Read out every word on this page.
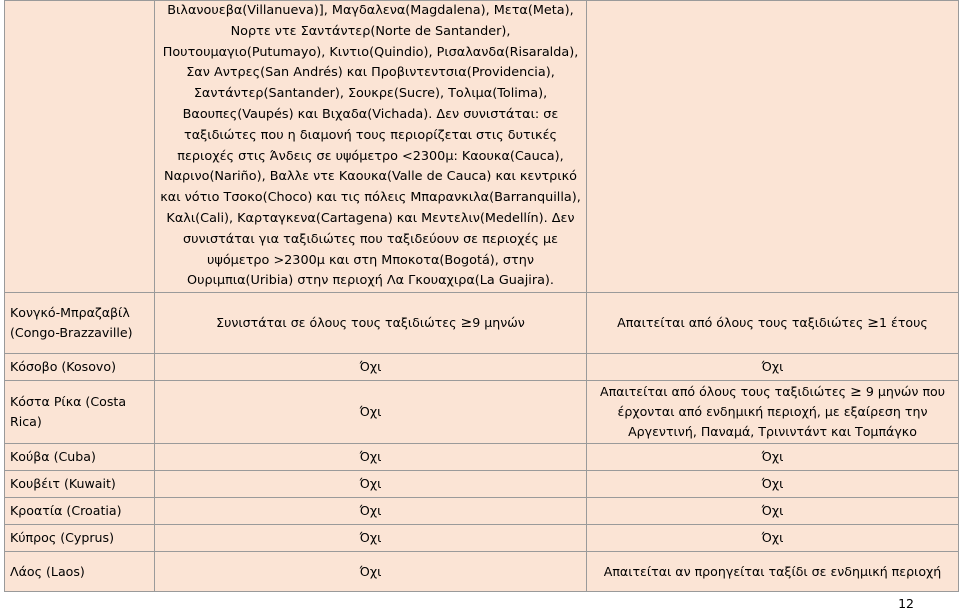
	Βιλανουεβα(Villanueva)], Μαγδαλενα(Magdalena), Μετα(Meta), Νορτε ντε Σαντάντερ(Norte de Santander), Πουτουμαγιο(Putumayo), Κιντιο(Quindio), Ρισαλανδα(Risaralda), Σαν Αντρες(San Andrés) και Προβιντεντσια(Providencia), Σαντάντερ(Santander), Σουκρε(Sucre), Τολιμα(Tolima), Βαουπες(Vaupés) και Βιχαδα(Vichada). Δεν συνιστάται: σε ταξιδιώτες που η διαμονή τους περιορίζεται στις δυτικές περιοχές στις Άνδεις σε υψόμετρο <2300μ: Καουκα(Cauca), Ναρινο(Nariño), Βαλλε ντε Καουκα(Valle de Cauca) και κεντρικό και νότιο Τσοκο(Choco) και τις πόλεις Μπαρανκιλα(Barranquilla), Καλι(Cali), Καρταγκενα(Cartagena) και Μεντελιν(Medellín). Δεν συνιστάται για ταξιδιώτες που ταξιδεύουν σε περιοχές με υψόμετρο >2300μ και στη Μποκοτα(Bogotá), στην Ουριμπια(Uribia) στην περιοχή Λα Γκουαχιρα(La Guajira).	
Κονγκό-Μπραζαβίλ (Congo-Brazzaville)	Συνιστάται σε όλους τους ταξιδιώτες ≥9 μηνών	Απαιτείται από όλους τους ταξιδιώτες ≥1 έτους
Κόσοβο (Kosovo)	Όχι	Όχι
Κόστα Ρίκα (Costa Rica)	Όχι	Απαιτείται από όλους τους ταξιδιώτες ≥ 9 μηνών που έρχονται από ενδημική περιοχή, με εξαίρεση την Αργεντινή, Παναμά, Τρινιντάντ και Τομπάγκο
Κούβα (Cuba)	Όχι	Όχι
Κουβέιτ (Kuwait)	Όχι	Όχι
Κροατία (Croatia)	Όχι	Όχι
Κύπρος (Cyprus)	Όχι	Όχι
Λάος (Laos)	Όχι	Απαιτείται αν προηγείται ταξίδι σε ενδημική περιοχή
12
